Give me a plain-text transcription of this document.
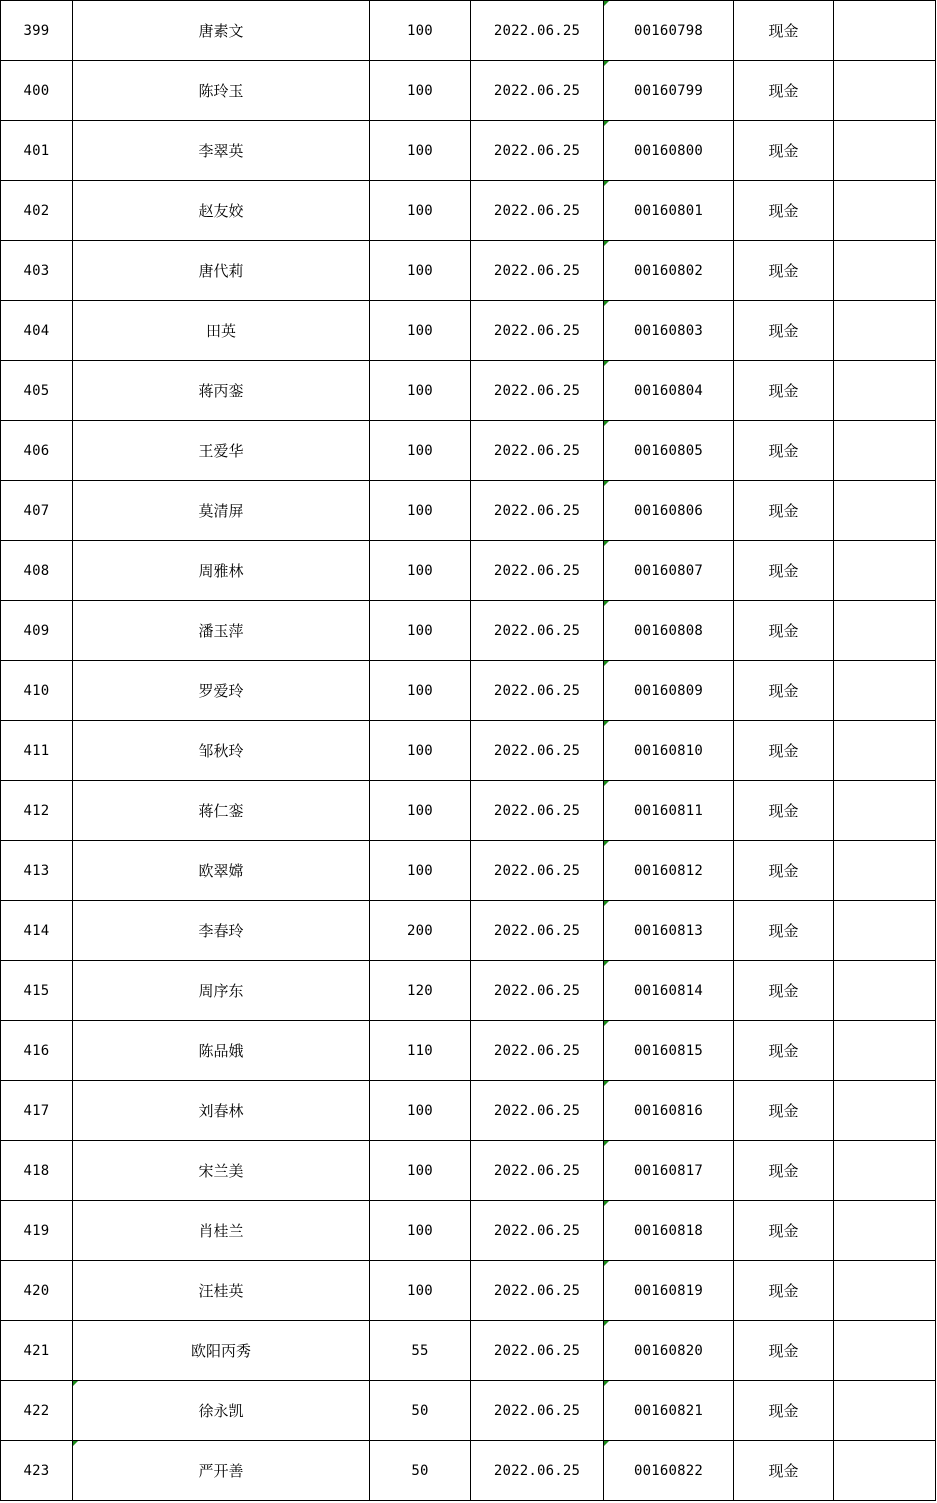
399	唐素文	100	2022.06.25	00160798	现金	
400	陈玲玉	100	2022.06.25	00160799	现金	
401	李翠英	100	2022.06.25	00160800	现金	
402	赵友姣	100	2022.06.25	00160801	现金	
403	唐代莉	100	2022.06.25	00160802	现金	
404	田英	100	2022.06.25	00160803	现金	
405	蒋丙銮	100	2022.06.25	00160804	现金	
406	王爱华	100	2022.06.25	00160805	现金	
407	莫清屏	100	2022.06.25	00160806	现金	
408	周雅林	100	2022.06.25	00160807	现金	
409	潘玉萍	100	2022.06.25	00160808	现金	
410	罗爱玲	100	2022.06.25	00160809	现金	
411	邹秋玲	100	2022.06.25	00160810	现金	
412	蒋仁銮	100	2022.06.25	00160811	现金	
413	欧翠嫦	100	2022.06.25	00160812	现金	
414	李春玲	200	2022.06.25	00160813	现金	
415	周序东	120	2022.06.25	00160814	现金	
416	陈品娥	110	2022.06.25	00160815	现金	
417	刘春林	100	2022.06.25	00160816	现金	
418	宋兰美	100	2022.06.25	00160817	现金	
419	肖桂兰	100	2022.06.25	00160818	现金	
420	汪桂英	100	2022.06.25	00160819	现金	
421	欧阳丙秀	55	2022.06.25	00160820	现金	
422	徐永凯	50	2022.06.25	00160821	现金	
423	严开善	50	2022.06.25	00160822	现金	
